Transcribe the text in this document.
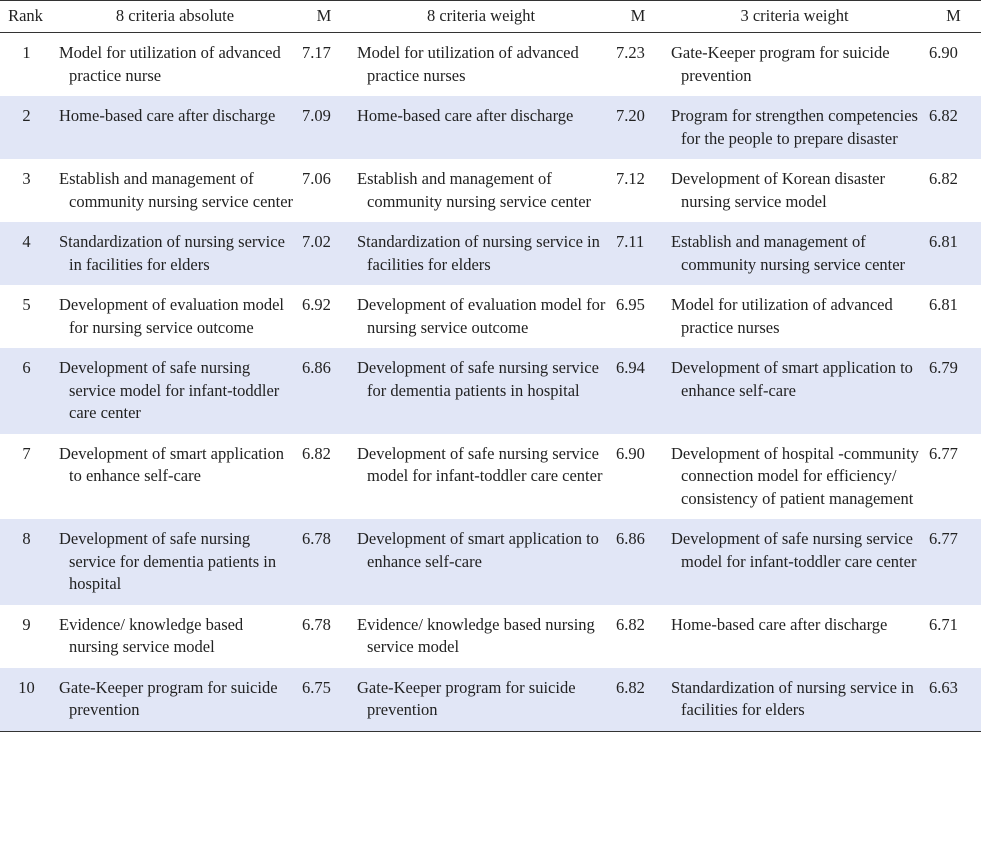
Rank	8 criteria absolute	M	8 criteria weight	M	3 criteria weight	M
1	Model for utilization of advanced practice nurse	7.17	Model for utilization of advanced practice nurses	7.23	Gate-Keeper program for suicide prevention	6.90
2	Home-based care after discharge	7.09	Home-based care after discharge	7.20	Program for strengthen competencies for the people to prepare disaster	6.82
3	Establish and management of community nursing service center	7.06	Establish and management of community nursing service center	7.12	Development of Korean disaster nursing service model	6.82
4	Standardization of nursing service in facilities for elders	7.02	Standardization of nursing service in facilities for elders	7.11	Establish and management of community nursing service center	6.81
5	Development of evaluation model for nursing service outcome	6.92	Development of evaluation model for nursing service outcome	6.95	Model for utilization of advanced practice nurses	6.81
6	Development of safe nursing service model for infant-toddler care center	6.86	Development of safe nursing service for dementia patients in hospital	6.94	Development of smart application to enhance self-care	6.79
7	Development of smart application to enhance self-care	6.82	Development of safe nursing service model for infant-toddler care center	6.90	Development of hospital -community connection model for efficiency/ consistency of patient management	6.77
8	Development of safe nursing service for dementia patients in hospital	6.78	Development of smart application to enhance self-care	6.86	Development of safe nursing service model for infant-toddler care center	6.77
9	Evidence/ knowledge based nursing service model	6.78	Evidence/ knowledge based nursing service model	6.82	Home-based care after discharge	6.71
10	Gate-Keeper program for suicide prevention	6.75	Gate-Keeper program for suicide prevention	6.82	Standardization of nursing service in facilities for elders	6.63
